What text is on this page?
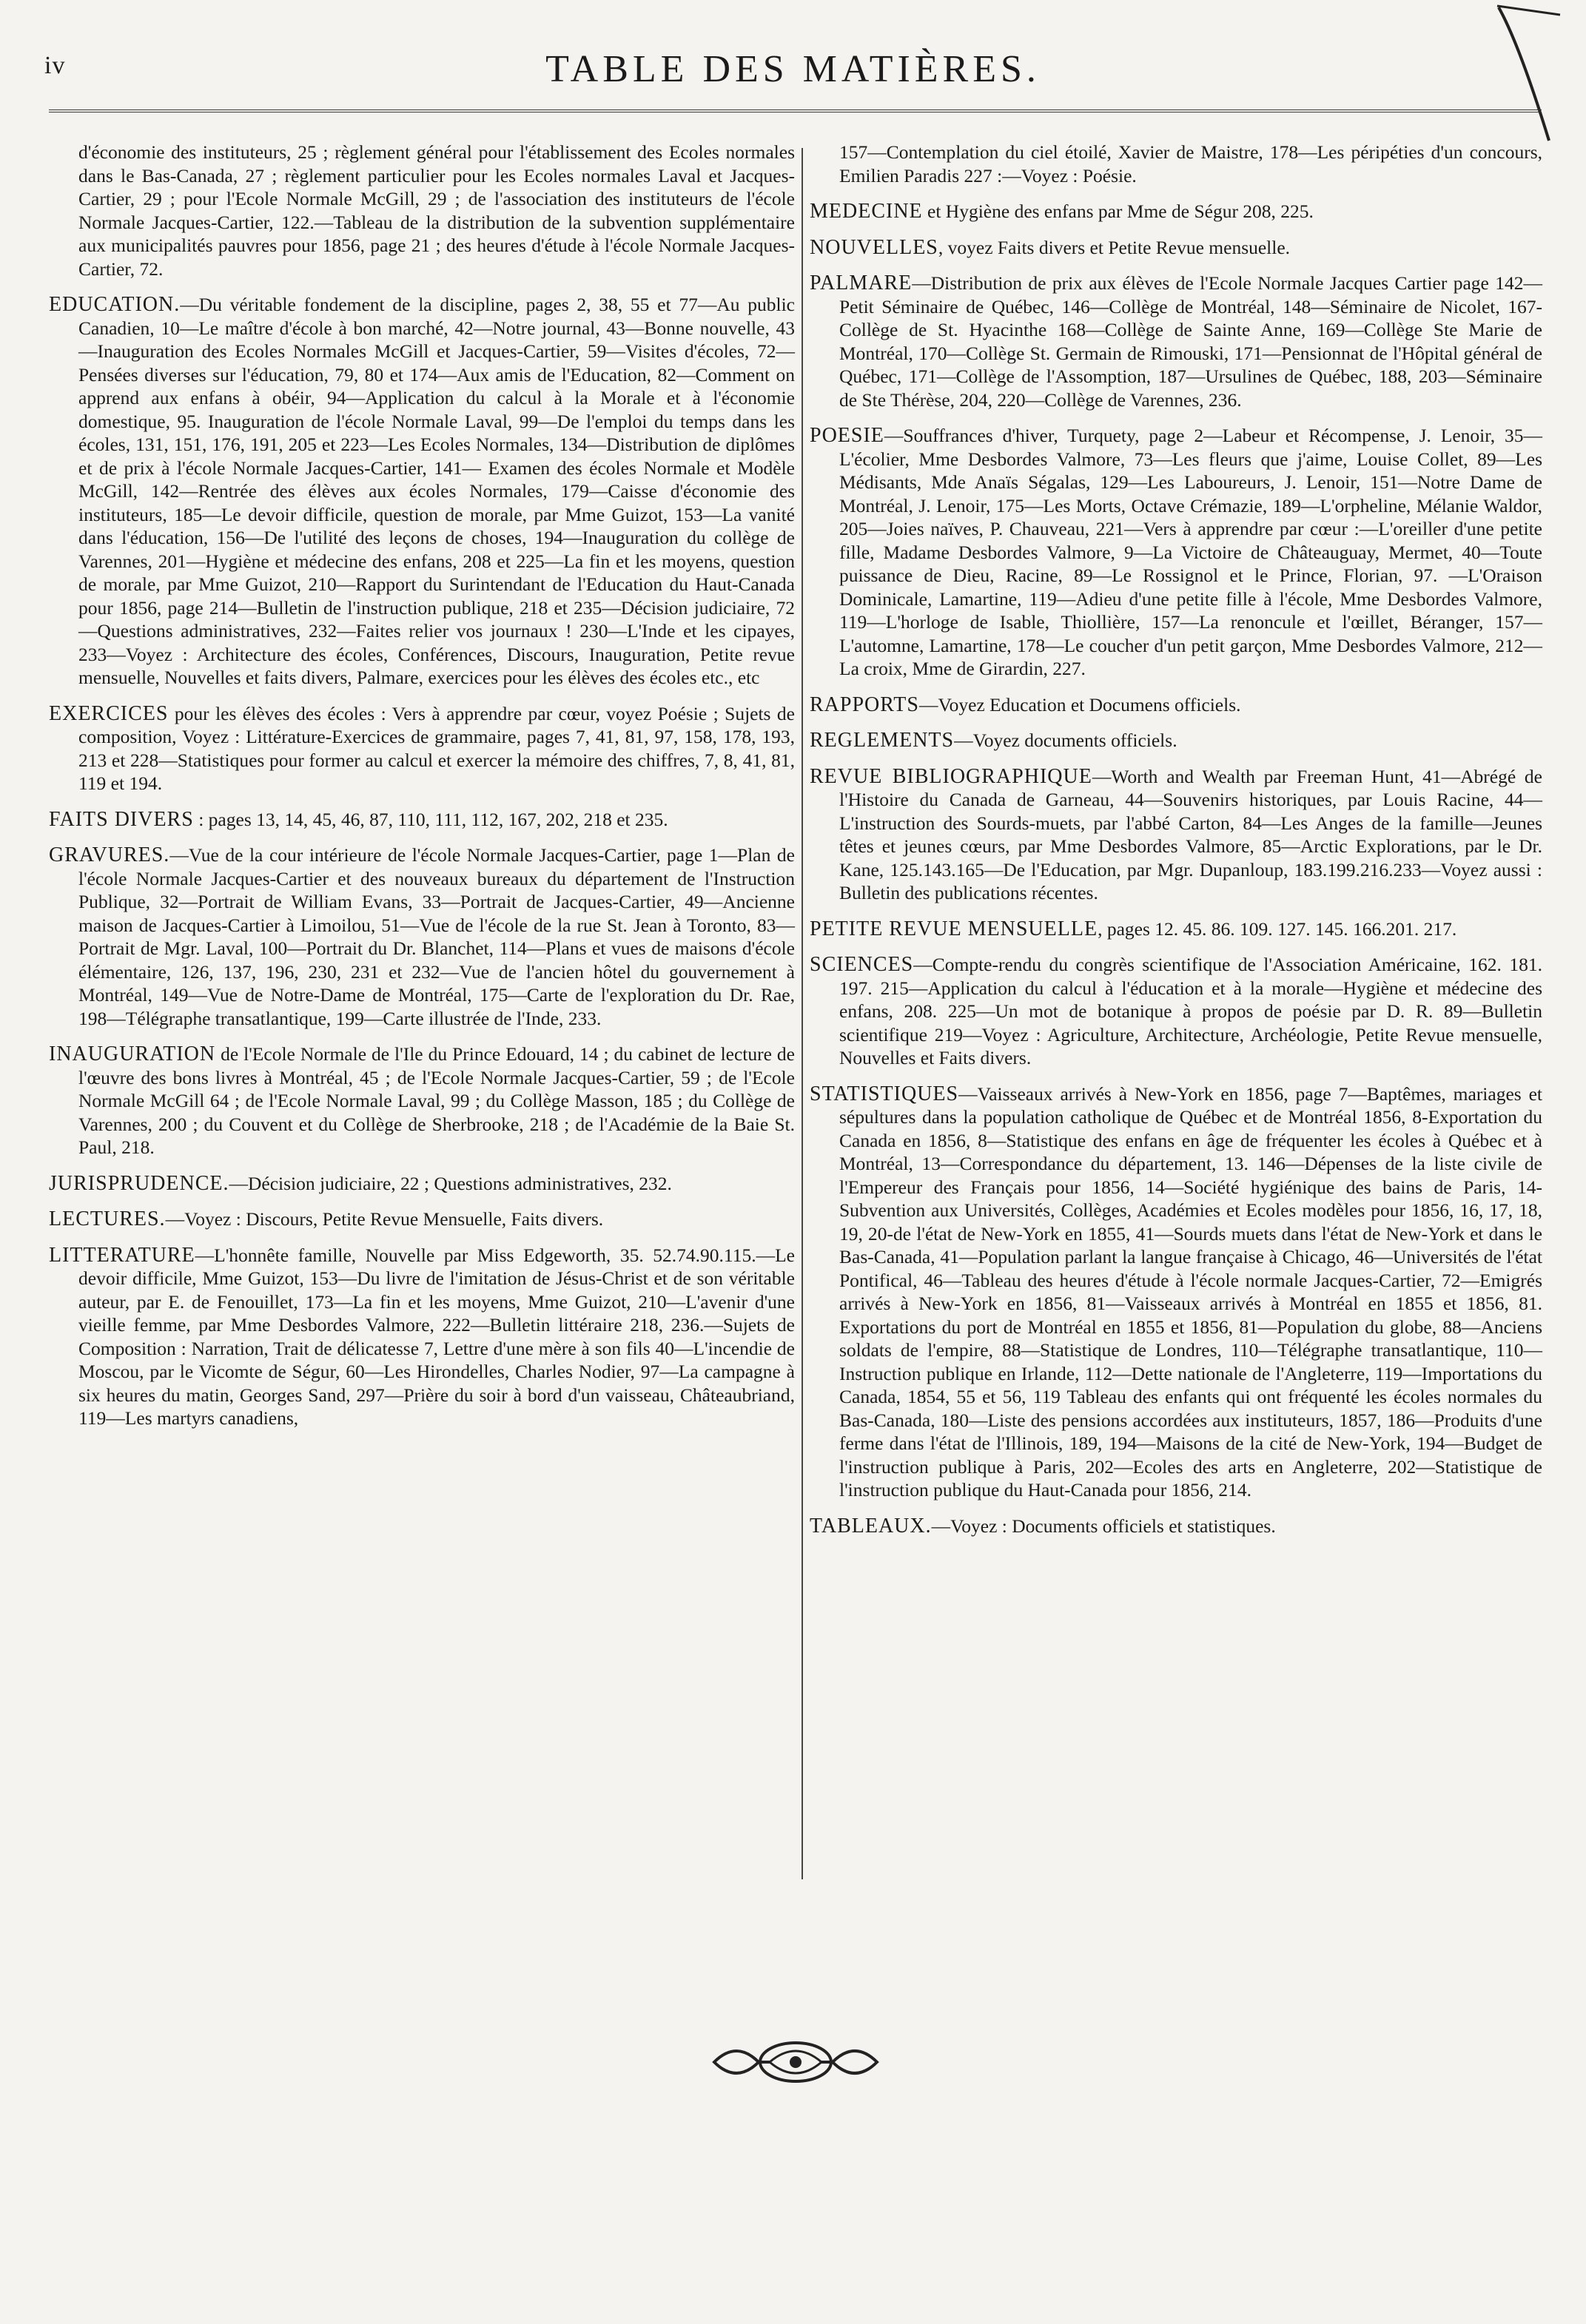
iv	TABLE DES MATIÈRES.

d'économie des instituteurs, 25 ; règlement général pour l'établissement des Ecoles normales dans le Bas-Canada, 27 ; règlement particulier pour les Ecoles normales Laval et Jacques-Cartier, 29 ; pour l'Ecole Normale McGill, 29 ; de l'association des instituteurs de l'école Normale Jacques-Cartier, 122.—Tableau de la distribution de la subvention supplémentaire aux municipalités pauvres pour 1856, page 21 ; des heures d'étude à l'école Normale Jacques-Cartier, 72.

EDUCATION.—Du véritable fondement de la discipline, pages 2, 38, 55 et 77—Au public Canadien, 10—Le maître d'école à bon marché, 42—Notre journal, 43—Bonne nouvelle, 43—Inauguration des Ecoles Normales McGill et Jacques-Cartier, 59—Visites d'écoles, 72—Pensées diverses sur l'éducation, 79, 80 et 174—Aux amis de l'Education, 82—Comment on apprend aux enfans à obéir, 94—Application du calcul à la Morale et à l'économie domestique, 95. Inauguration de l'école Normale Laval, 99—De l'emploi du temps dans les écoles, 131, 151, 176, 191, 205 et 223—Les Ecoles Normales, 134—Distribution de diplômes et de prix à l'école Normale Jacques-Cartier, 141— Examen des écoles Normale et Modèle McGill, 142—Rentrée des élèves aux écoles Normales, 179—Caisse d'économie des instituteurs, 185—Le devoir difficile, question de morale, par Mme Guizot, 153—La vanité dans l'éducation, 156—De l'utilité des leçons de choses, 194—Inauguration du collège de Varennes, 201—Hygiène et médecine des enfans, 208 et 225—La fin et les moyens, question de morale, par Mme Guizot, 210—Rapport du Surintendant de l'Education du Haut-Canada pour 1856, page 214—Bulletin de l'instruction publique, 218 et 235—Décision judiciaire, 72—Questions administratives, 232—Faites relier vos journaux ! 230—L'Inde et les cipayes, 233—Voyez : Architecture des écoles, Conférences, Discours, Inauguration, Petite revue mensuelle, Nouvelles et faits divers, Palmare, exercices pour les élèves des écoles etc., etc

EXERCICES pour les élèves des écoles : Vers à apprendre par cœur, voyez Poésie ; Sujets de composition, Voyez : Littérature-Exercices de grammaire, pages 7, 41, 81, 97, 158, 178, 193, 213 et 228—Statistiques pour former au calcul et exercer la mémoire des chiffres, 7, 8, 41, 81, 119 et 194.

FAITS DIVERS : pages 13, 14, 45, 46, 87, 110, 111, 112, 167, 202, 218 et 235.

GRAVURES.—Vue de la cour intérieure de l'école Normale Jacques-Cartier, page 1—Plan de l'école Normale Jacques-Cartier et des nouveaux bureaux du département de l'Instruction Publique, 32—Portrait de William Evans, 33—Portrait de Jacques-Cartier, 49—Ancienne maison de Jacques-Cartier à Limoilou, 51—Vue de l'école de la rue St. Jean à Toronto, 83—Portrait de Mgr. Laval, 100—Portrait du Dr. Blanchet, 114—Plans et vues de maisons d'école élémentaire, 126, 137, 196, 230, 231 et 232—Vue de l'ancien hôtel du gouvernement à Montréal, 149—Vue de Notre-Dame de Montréal, 175—Carte de l'exploration du Dr. Rae, 198—Télégraphe transatlantique, 199—Carte illustrée de l'Inde, 233.

INAUGURATION de l'Ecole Normale de l'Ile du Prince Edouard, 14 ; du cabinet de lecture de l'œuvre des bons livres à Montréal, 45 ; de l'Ecole Normale Jacques-Cartier, 59 ; de l'Ecole Normale McGill 64 ; de l'Ecole Normale Laval, 99 ; du Collège Masson, 185 ; du Collège de Varennes, 200 ; du Couvent et du Collège de Sherbrooke, 218 ; de l'Académie de la Baie St. Paul, 218.

JURISPRUDENCE.—Décision judiciaire, 22 ; Questions administratives, 232.

LECTURES.—Voyez : Discours, Petite Revue Mensuelle, Faits divers.

LITTERATURE—L'honnête famille, Nouvelle par Miss Edgeworth, 35. 52.74.90.115.—Le devoir difficile, Mme Guizot, 153—Du livre de l'imitation de Jésus-Christ et de son véritable auteur, par E. de Fenouillet, 173—La fin et les moyens, Mme Guizot, 210—L'avenir d'une vieille femme, par Mme Desbordes Valmore, 222—Bulletin littéraire 218, 236.—Sujets de Composition : Narration, Trait de délicatesse 7, Lettre d'une mère à son fils 40—L'incendie de Moscou, par le Vicomte de Ségur, 60—Les Hirondelles, Charles Nodier, 97—La campagne à six heures du matin, Georges Sand, 297—Prière du soir à bord d'un vaisseau, Châteaubriand, 119—Les martyrs canadiens,

157—Contemplation du ciel étoilé, Xavier de Maistre, 178—Les péripéties d'un concours, Emilien Paradis 227 :—Voyez : Poésie.

MEDECINE et Hygiène des enfans par Mme de Ségur 208, 225.

NOUVELLES, voyez Faits divers et Petite Revue mensuelle.

PALMARE—Distribution de prix aux élèves de l'Ecole Normale Jacques Cartier page 142—Petit Séminaire de Québec, 146—Collège de Montréal, 148—Séminaire de Nicolet, 167-Collège de St. Hyacinthe 168—Collège de Sainte Anne, 169—Collège Ste Marie de Montréal, 170—Collège St. Germain de Rimouski, 171—Pensionnat de l'Hôpital général de Québec, 171—Collège de l'Assomption, 187—Ursulines de Québec, 188, 203—Séminaire de Ste Thérèse, 204, 220—Collège de Varennes, 236.

POESIE—Souffrances d'hiver, Turquety, page 2—Labeur et Récompense, J. Lenoir, 35—L'écolier, Mme Desbordes Valmore, 73—Les fleurs que j'aime, Louise Collet, 89—Les Médisants, Mde Anaïs Ségalas, 129—Les Laboureurs, J. Lenoir, 151—Notre Dame de Montréal, J. Lenoir, 175—Les Morts, Octave Crémazie, 189—L'orpheline, Mélanie Waldor, 205—Joies naïves, P. Chauveau, 221—Vers à apprendre par cœur :—L'oreiller d'une petite fille, Madame Desbordes Valmore, 9—La Victoire de Châteauguay, Mermet, 40—Toute puissance de Dieu, Racine, 89—Le Rossignol et le Prince, Florian, 97. —L'Oraison Dominicale, Lamartine, 119—Adieu d'une petite fille à l'école, Mme Desbordes Valmore, 119—L'horloge de Isable, Thiollière, 157—La renoncule et l'œillet, Béranger, 157—L'automne, Lamartine, 178—Le coucher d'un petit garçon, Mme Desbordes Valmore, 212—La croix, Mme de Girardin, 227.

RAPPORTS—Voyez Education et Documens officiels.

REGLEMENTS—Voyez documents officiels.

REVUE BIBLIOGRAPHIQUE—Worth and Wealth par Freeman Hunt, 41—Abrégé de l'Histoire du Canada de Garneau, 44—Souvenirs historiques, par Louis Racine, 44—L'instruction des Sourds-muets, par l'abbé Carton, 84—Les Anges de la famille—Jeunes têtes et jeunes cœurs, par Mme Desbordes Valmore, 85—Arctic Explorations, par le Dr. Kane, 125.143.165—De l'Education, par Mgr. Dupanloup, 183.199.216.233—Voyez aussi : Bulletin des publications récentes.

PETITE REVUE MENSUELLE, pages 12. 45. 86. 109. 127. 145. 166.201. 217.

SCIENCES—Compte-rendu du congrès scientifique de l'Association Américaine, 162. 181. 197. 215—Application du calcul à l'éducation et à la morale—Hygiène et médecine des enfans, 208. 225—Un mot de botanique à propos de poésie par D. R. 89—Bulletin scientifique 219—Voyez : Agriculture, Architecture, Archéologie, Petite Revue mensuelle, Nouvelles et Faits divers.

STATISTIQUES—Vaisseaux arrivés à New-York en 1856, page 7—Baptêmes, mariages et sépultures dans la population catholique de Québec et de Montréal 1856, 8-Exportation du Canada en 1856, 8—Statistique des enfans en âge de fréquenter les écoles à Québec et à Montréal, 13—Correspondance du département, 13. 146—Dépenses de la liste civile de l'Empereur des Français pour 1856, 14—Société hygiénique des bains de Paris, 14-Subvention aux Universités, Collèges, Académies et Ecoles modèles pour 1856, 16, 17, 18, 19, 20-de l'état de New-York en 1855, 41—Sourds muets dans l'état de New-York et dans le Bas-Canada, 41—Population parlant la langue française à Chicago, 46—Universités de l'état Pontifical, 46—Tableau des heures d'étude à l'école normale Jacques-Cartier, 72—Emigrés arrivés à New-York en 1856, 81—Vaisseaux arrivés à Montréal en 1855 et 1856, 81. Exportations du port de Montréal en 1855 et 1856, 81—Population du globe, 88—Anciens soldats de l'empire, 88—Statistique de Londres, 110—Télégraphe transatlantique, 110—Instruction publique en Irlande, 112—Dette nationale de l'Angleterre, 119—Importations du Canada, 1854, 55 et 56, 119 Tableau des enfants qui ont fréquenté les écoles normales du Bas-Canada, 180—Liste des pensions accordées aux instituteurs, 1857, 186—Produits d'une ferme dans l'état de l'Illinois, 189, 194—Maisons de la cité de New-York, 194—Budget de l'instruction publique à Paris, 202—Ecoles des arts en Angleterre, 202—Statistique de l'instruction publique du Haut-Canada pour 1856, 214.

TABLEAUX.—Voyez : Documents officiels et statistiques.
